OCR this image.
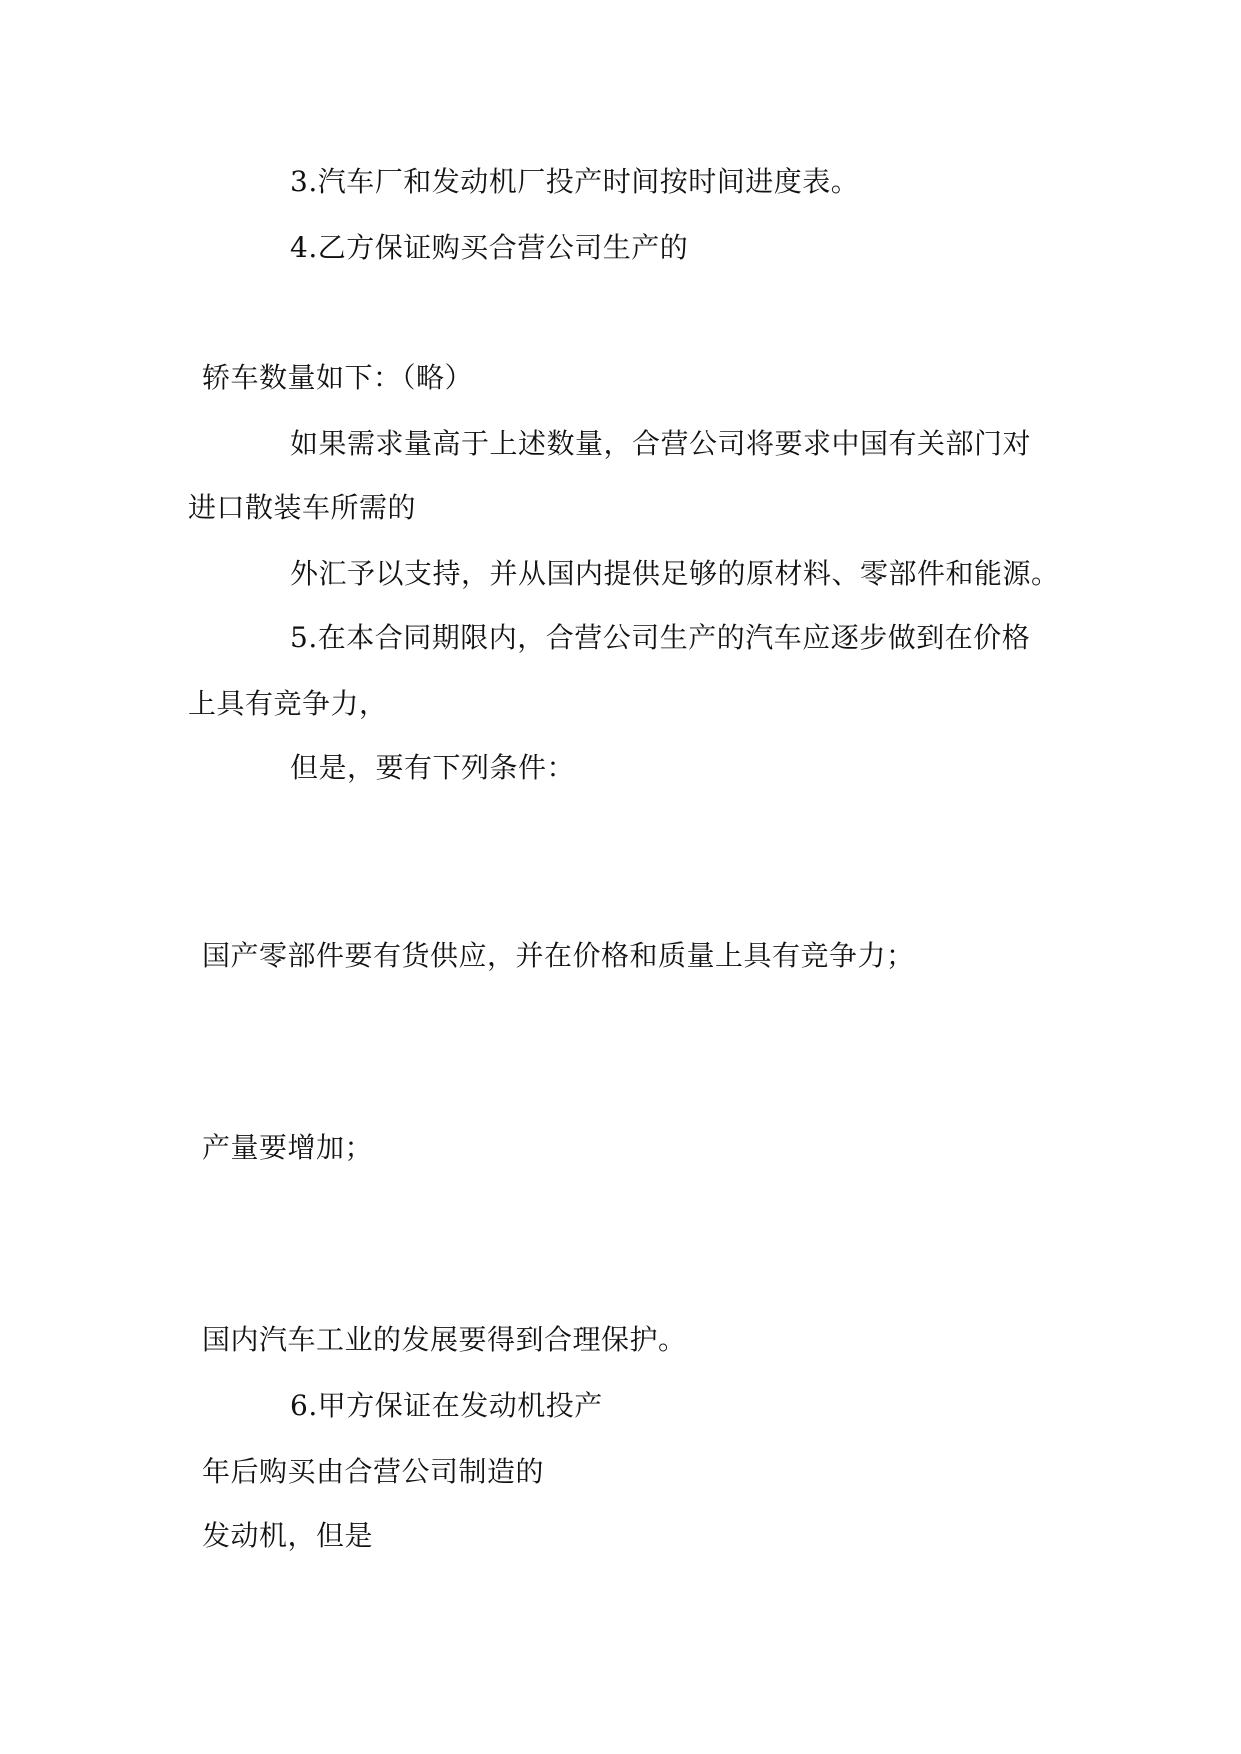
3.汽车厂和发动机厂投产时间按时间进度表。
4.乙方保证购买合营公司生产的
轿车数量如下：（略）
如果需求量高于上述数量，合营公司将要求中国有关部门对
进口散装车所需的
外汇予以支持，并从国内提供足够的原材料、零部件和能源。
5.在本合同期限内，合营公司生产的汽车应逐步做到在价格
上具有竞争力，
但是，要有下列条件：
国产零部件要有货供应，并在价格和质量上具有竞争力；
产量要增加；
国内汽车工业的发展要得到合理保护。
6.甲方保证在发动机投产
年后购买由合营公司制造的
发动机，但是
